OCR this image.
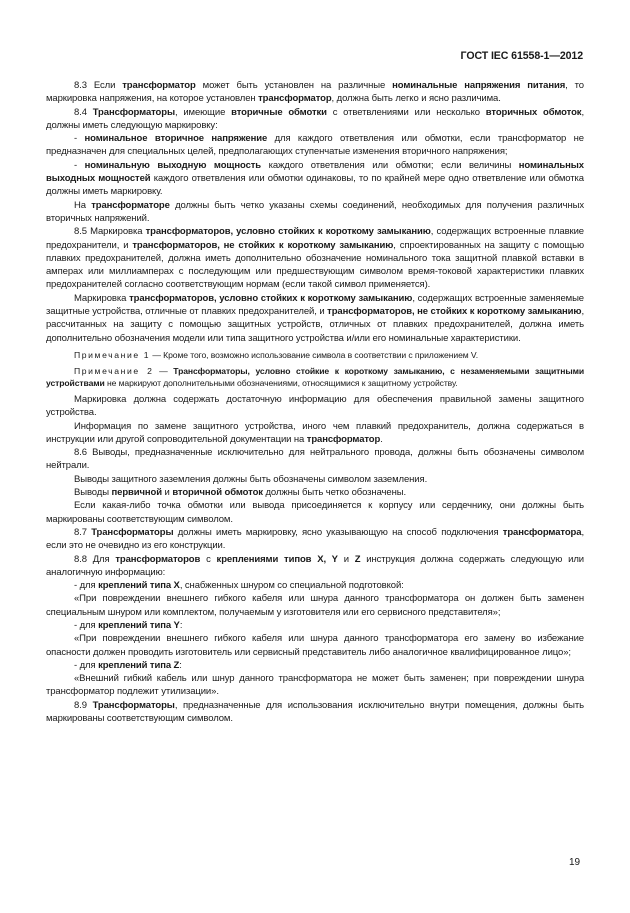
ГОСТ IEC 61558-1—2012

8.3 Если трансформатор может быть установлен на различные номинальные напряжения питания, то маркировка напряжения, на которое установлен трансформатор, должна быть легко и ясно различима.

8.4 Трансформаторы, имеющие вторичные обмотки с ответвлениями или несколько вторичных обмоток, должны иметь следующую маркировку:

- номинальное вторичное напряжение для каждого ответвления или обмотки, если трансформатор не предназначен для специальных целей, предполагающих ступенчатые изменения вторичного напряжения;

- номинальную выходную мощность каждого ответвления или обмотки; если величины номинальных выходных мощностей каждого ответвления или обмотки одинаковы, то по крайней мере одно ответвление или обмотка должны иметь маркировку.

На трансформаторе должны быть четко указаны схемы соединений, необходимых для получения различных вторичных напряжений.

8.5 Маркировка трансформаторов, условно стойких к короткому замыканию, содержащих встроенные плавкие предохранители, и трансформаторов, не стойких к короткому замыканию, спроектированных на защиту с помощью плавких предохранителей, должна иметь дополнительно обозначение номинального тока защитной плавкой вставки в амперах или миллиамперах с последующим или предшествующим символом время-токовой характеристики плавких предохранителей согласно соответствующим нормам (если такой символ применяется).

Маркировка трансформаторов, условно стойких к короткому замыканию, содержащих встроенные заменяемые защитные устройства, отличные от плавких предохранителей, и трансформаторов, не стойких к короткому замыканию, рассчитанных на защиту с помощью защитных устройств, отличных от плавких предохранителей, должна иметь дополнительно обозначения модели или типа защитного устройства и/или его номинальные характеристики.

Примечание 1 — Кроме того, возможно использование символа в соответствии с приложением V.

Примечание 2 — Трансформаторы, условно стойкие к короткому замыканию, с незаменяемыми защитными устройствами не маркируют дополнительными обозначениями, относящимися к защитному устройству.

Маркировка должна содержать достаточную информацию для обеспечения правильной замены защитного устройства.

Информация по замене защитного устройства, иного чем плавкий предохранитель, должна содержаться в инструкции или другой сопроводительной документации на трансформатор.

8.6 Выводы, предназначенные исключительно для нейтрального провода, должны быть обозначены символом нейтрали.

Выводы защитного заземления должны быть обозначены символом заземления.

Выводы первичной и вторичной обмоток должны быть четко обозначены.

Если какая-либо точка обмотки или вывода присоединяется к корпусу или сердечнику, они должны быть маркированы соответствующим символом.

8.7 Трансформаторы должны иметь маркировку, ясно указывающую на способ подключения трансформатора, если это не очевидно из его конструкции.

8.8 Для трансформаторов с креплениями типов X, Y и Z инструкция должна содержать следующую или аналогичную информацию:

- для креплений типа X, снабженных шнуром со специальной подготовкой:

«При повреждении внешнего гибкого кабеля или шнура данного трансформатора он должен быть заменен специальным шнуром или комплектом, получаемым у изготовителя или его сервисного представителя»;

- для креплений типа Y:

«При повреждении внешнего гибкого кабеля или шнура данного трансформатора его замену во избежание опасности должен проводить изготовитель или сервисный представитель либо аналогичное квалифицированное лицо»;

- для креплений типа Z:

«Внешний гибкий кабель или шнур данного трансформатора не может быть заменен; при повреждении шнура трансформатор подлежит утилизации».

8.9 Трансформаторы, предназначенные для использования исключительно внутри помещения, должны быть маркированы соответствующим символом.

19
